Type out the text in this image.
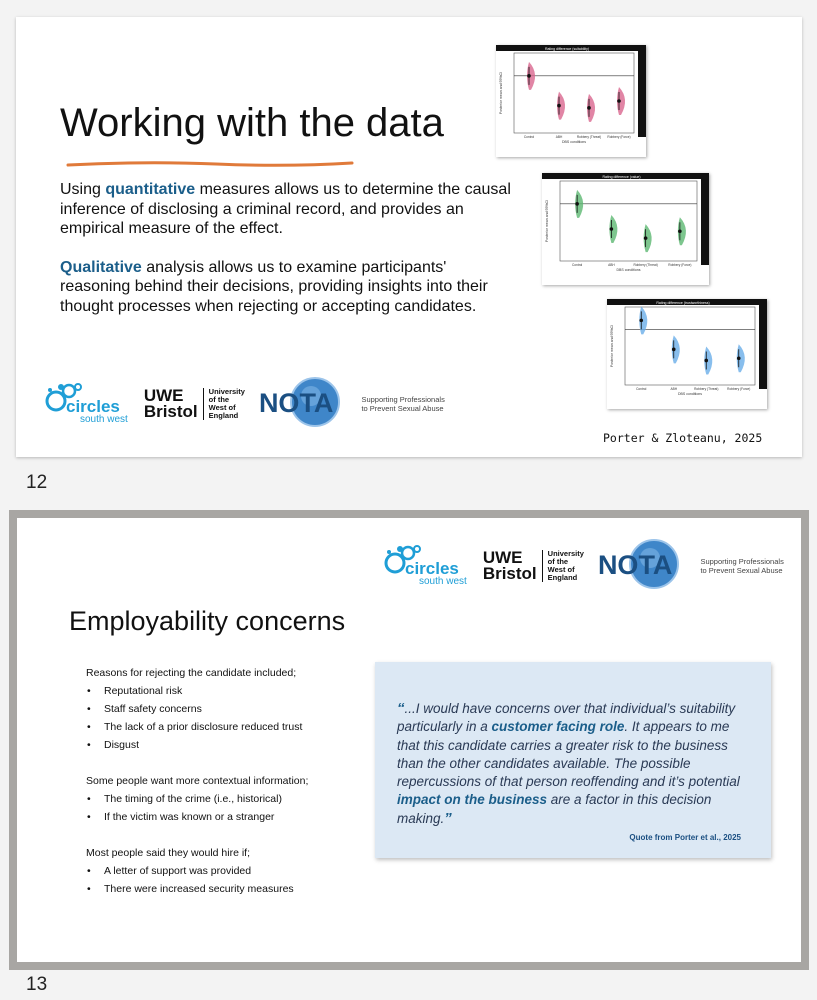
Working with the data

Using quantitative measures allows us to determine the causal inference of disclosing a criminal record, and provides an empirical measure of the effect.

Qualitative analysis allows us to examine participants' reasoning behind their decisions, providing insights into their thought processes when rejecting or accepting candidates.

Rating difference (suitability)
Posterior mean and 95%CI
Control	ABH	Robbery (Threat) Robbery (Force)
DBS conditions
Rating difference (value)
Posterior mean and 95%CI
Control	ABH	Robbery (Threat)	Robbery (Force)
DBS conditions
Rating difference (trustworthiness)
Posterior mean and 95%CI
Control	ABH	Robbery (Threat)	Robbery (Force)
DBS conditions
Porter & Zloteanu, 2025
circles
south west
UWE
Bristol
University
of the
West of
England NOTA	Supporting Professionals
to Prevent Sexual Abuse
12
circles
south west
UWE
Bristol
University
of the
West of
England NOTA	Supporting Professionals
to Prevent Sexual Abuse
Employability concerns

Reasons for rejecting the candidate included;

• Reputational risk
• Staff safety concerns
• The lack of a prior disclosure reduced trust
• Disgust

Some people want more contextual information;

• The timing of the crime (i.e., historical)
• If the victim was known or a stranger

Most people said they would hire if;

• A letter of support was provided
• There were increased security measures
“...I would have concerns over that individual’s suitability particularly in a customer facing role. It appears to me that this candidate carries a greater risk to the business than the other candidates available. The possible repercussions of that person reoffending and it’s potential impact on the business are a factor in this decision making.”
Quote from Porter et al., 2025
13
